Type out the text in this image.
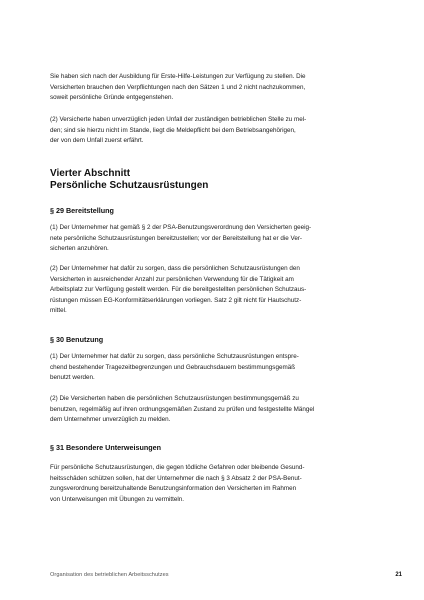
Sie haben sich nach der Ausbildung für Erste-Hilfe-Leistungen zur Verfügung zu stellen. Die
Versicherten brauchen den Verpflichtungen nach den Sätzen 1 und 2 nicht nachzukommen,
soweit persönliche Gründe entgegenstehen.

(2) Versicherte haben unverzüglich jeden Unfall der zuständigen betrieblichen Stelle zu mel-
den; sind sie hierzu nicht im Stande, liegt die Meldepflicht bei dem Betriebsangehörigen,
der von dem Unfall zuerst erfährt.

Vierter Abschnitt
Persönliche Schutzausrüstungen

§ 29 Bereitstellung

(1) Der Unternehmer hat gemäß § 2 der PSA-Benutzungsverordnung den Versicherten geeig-
nete persönliche Schutzausrüstungen bereitzustellen; vor der Bereitstellung hat er die Ver-
sicherten anzuhören.

(2) Der Unternehmer hat dafür zu sorgen, dass die persönlichen Schutzausrüstungen den
Versicherten in ausreichender Anzahl zur persönlichen Verwendung für die Tätigkeit am
Arbeitsplatz zur Verfügung gestellt werden. Für die bereitgestellten persönlichen Schutzaus-
rüstungen müssen EG-Konformitätserklärungen vorliegen. Satz 2 gilt nicht für Hautschutz-
mittel.

§ 30 Benutzung

(1) Der Unternehmer hat dafür zu sorgen, dass persönliche Schutzausrüstungen entspre-
chend bestehender Tragezeitbegrenzungen und Gebrauchsdauern bestimmungsgemäß
benutzt werden.

(2) Die Versicherten haben die persönlichen Schutzausrüstungen bestimmungsgemäß zu
benutzen, regelmäßig auf ihren ordnungsgemäßen Zustand zu prüfen und festgestellte Mängel
dem Unternehmer unverzüglich zu melden.

§ 31 Besondere Unterweisungen

Für persönliche Schutzausrüstungen, die gegen tödliche Gefahren oder bleibende Gesund-
heitsschäden schützen sollen, hat der Unternehmer die nach § 3 Absatz 2 der PSA-Benut-
zungsverordnung bereitzuhaltende Benutzungsinformation den Versicherten im Rahmen
von Unterweisungen mit Übungen zu vermitteln.

Organisation des betrieblichen Arbeitsschutzes	21
